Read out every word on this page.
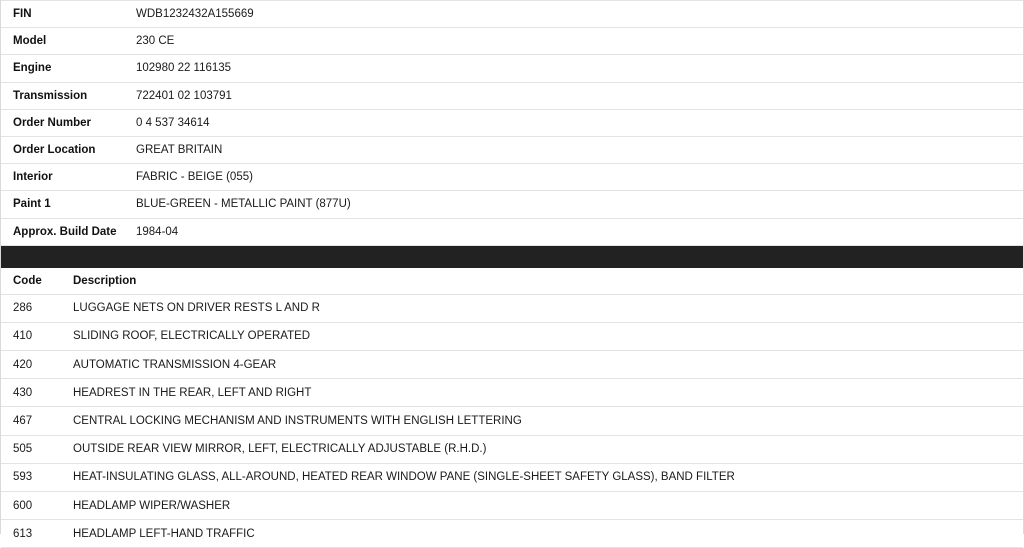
FIN	WDB1232432A155669
Model	230 CE
Engine	102980 22 116135
Transmission	722401 02 103791
Order Number	0 4 537 34614
Order Location	GREAT BRITAIN
Interior	FABRIC - BEIGE (055)
Paint 1	BLUE-GREEN - METALLIC PAINT (877U)
Approx. Build Date	1984-04
Code	Description
286	LUGGAGE NETS ON DRIVER RESTS L AND R
410	SLIDING ROOF, ELECTRICALLY OPERATED
420	AUTOMATIC TRANSMISSION 4-GEAR
430	HEADREST IN THE REAR, LEFT AND RIGHT
467	CENTRAL LOCKING MECHANISM AND INSTRUMENTS WITH ENGLISH LETTERING
505	OUTSIDE REAR VIEW MIRROR, LEFT, ELECTRICALLY ADJUSTABLE (R.H.D.)
593	HEAT-INSULATING GLASS, ALL-AROUND, HEATED REAR WINDOW PANE (SINGLE-SHEET SAFETY GLASS), BAND FILTER
600	HEADLAMP WIPER/WASHER
613	HEADLAMP LEFT-HAND TRAFFIC
